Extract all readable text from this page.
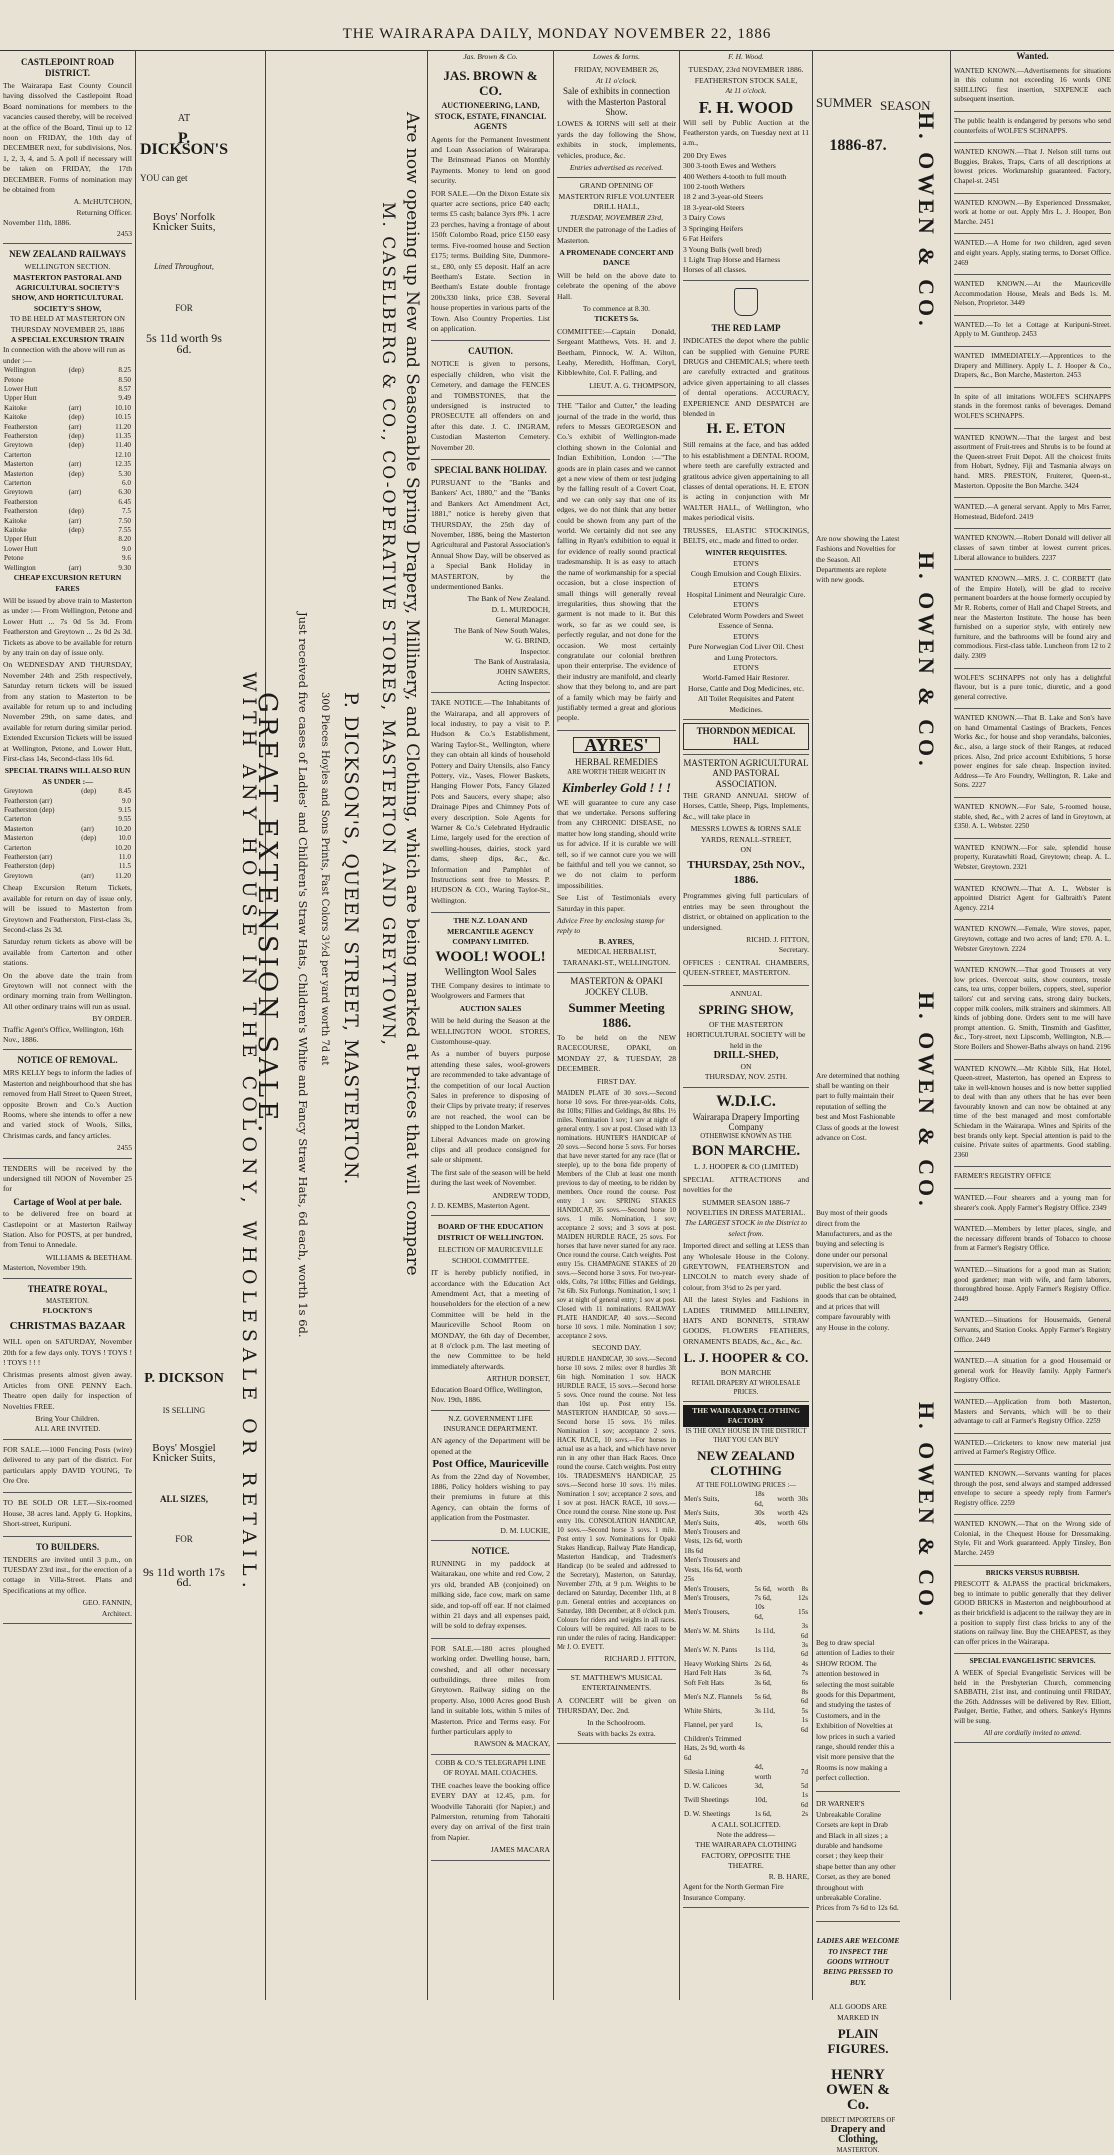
THE WAIRARAPA DAILY, MONDAY NOVEMBER 22, 1886
CASTLEPOINT ROAD DISTRICT.

The Wairarapa East County Council having dissolved the Castlepoint Road Board nominations for members to the vacancies caused thereby, will be received at the office of the Board, Tinui up to 12 noon on FRIDAY, the 10th day of DECEMBER next, for subdivisions, Nos. 1, 2, 3, 4, and 5. A poll if necessary will be taken on FRIDAY, the 17th DECEMBER. Forms of nomination may be obtained from

A. McHUTCHON,
Returning Officer.
November 11th, 1886.
2453
NEW ZEALAND RAILWAYS
WELLINGTON SECTION.
MASTERTON PASTORAL AND AGRICULTURAL SOCIETY'S SHOW, AND HORTICULTURAL SOCIETY'S SHOW,
TO BE HELD AT MASTERTON ON THURSDAY NOVEMBER 25, 1886
A SPECIAL EXCURSION TRAIN
In connection with the above will run as under :—
Wellington	(dep)	8.25
Petone		8.50
Lower Hutt		8.57
Upper Hutt		9.49
Kaitoke	(arr)	10.10
Kaitoke	(dep)	10.15
Featherston	(arr)	11.20
Featherston	(dep)	11.35
Greytown	(dep)	11.40
Carterton		12.10
Masterton	(arr)	12.35
Masterton	(dep)	5.30
Carterton		6.0
Greytown	(arr)	6.30
Featherston		6.45
Featherston	(dep)	7.5
Kaitoke	(arr)	7.50
Kaitoke	(dep)	7.55
Upper Hutt		8.20
Lower Hutt		9.0
Petone		9.6
Wellington	(arr)	9.30
CHEAP EXCURSION RETURN FARES

Will be issued by above train to Masterton as under :— From Wellington, Petone and Lower Hutt ... 7s 0d 5s 3d. From Featherston and Greytown ... 2s 0d 2s 3d. Tickets as above to be available for return by any train on day of issue only.

On WEDNESDAY AND THURSDAY, November 24th and 25th respectively, Saturday return tickets will be issued from any station to Masterton to be available for return up to and including November 29th, on same dates, and available for return during similar period. Extended Excursion Tickets will be issued at Wellington, Petone, and Lower Hutt, First-class 14s, Second-class 10s 6d.

SPECIAL TRAINS WILL ALSO RUN AS UNDER :—
Greytown	(dep)	8.45
Featherston (arr)		9.0
Featherston (dep)		9.15
Carterton		9.55
Masterton	(arr)	10.20
Masterton	(dep)	10.0
Carterton		10.20
Featherston (arr)		11.0
Featherston (dep)		11.5
Greytown	(arr)	11.20

Cheap Excursion Return Tickets, available for return on day of issue only, will be issued to Masterton from Greytown and Featherston, First-class 3s, Second-class 2s 3d.

Saturday return tickets as above will be available from Carterton and other stations.

On the above date the train from Greytown will not connect with the ordinary morning train from Wellington. All other ordinary trains will run as usual.

BY ORDER.
Traffic Agent's Office, Wellington, 16th Nov., 1886.
NOTICE OF REMOVAL.

MRS KELLY begs to inform the ladies of Masterton and neighbourhood that she has removed from Hall Street to Queen Street, opposite Brown and Co.'s Auction Rooms, where she intends to offer a new and varied stock of Wools, Silks, Christmas cards, and fancy articles.

2455

TENDERS will be received by the undersigned till NOON of November 25 for

Cartage of Wool at per bale.

to be delivered free on board at Castlepoint or at Masterton Railway Station. Also for POSTS, at per hundred, from Tenui to Annedale.

WILLIAMS & BEETHAM.
Masterton, November 19th.
THEATRE ROYAL,
MASTERTON.
FLOCKTON'S
CHRISTMAS BAZAAR

WILL open on SATURDAY, November 20th for a few days only. TOYS ! TOYS ! ! TOYS ! ! !

Christmas presents almost given away. Articles from ONE PENNY Each. Theatre open daily for inspection of Novelties FREE.

Bring Your Children.
ALL ARE INVITED.

FOR SALE.—1000 Fencing Posts (wire) delivered to any part of the district. For particulars apply DAVID YOUNG, Te Ore Ore.

TO BE SOLD OR LET.—Six-roomed House, 38 acres land. Apply G. Hopkins, Short-street, Kuripuni.

TO BUILDERS.

TENDERS are invited until 3 p.m., on TUESDAY 23rd inst., for the erection of a cottage in Villa-Street. Plans and Specifications at my office.

GEO. FANNIN,
Architect.
AT
P. DICKSON'S
YOU can get
Boys' Norfolk Knicker Suits,
Lined Throughout,
FOR
5s 11d worth 9s 6d.
P. DICKSON
IS SELLING
Boys' Mosgiel Knicker Suits,
ALL SIZES,
FOR
9s 11d worth 17s 6d.
GREAT EXTENSION SALE. Just received five cases of Ladies' and Children's Straw Hats, Children's White and Fancy Straw Hats, 6d each, worth 1s 6d. 300 Pieces Hoyles and Sons Prints, Fast Colors 3½d per yard worth 7d at P. DICKSON'S, QUEEN STREET, MASTERTON. M. CASELBERG & CO., CO-OPERATIVE STORES, MASTERTON AND GREYTOWN, Are now opening up New and Seasonable Spring Drapery, Millinery, and Clothing, which are being marked at Prices that will compare
WITH ANY HOUSE IN THE COLONY, WHOLESALE OR RETAIL.
Jas. Brown & Co.
JAS. BROWN & CO.
AUCTIONEERING, LAND, STOCK, ESTATE, FINANCIAL AGENTS

Agents for the Permanent Investment and Loan Association of Wairarapa. The Brinsmead Pianos on Monthly Payments. Money to lend on good security.

FOR SALE.—On the Dixon Estate six quarter acre sections, price £40 each; terms £5 cash; balance 3yrs 8%. 1 acre 23 perches, having a frontage of about 150ft Colombo Road, price £150 easy terms. Five-roomed house and Section £175; terms. Building Site, Dunmore-st., £80, only £5 deposit. Half an acre Beetham's Estate. Section in Beetham's Estate double frontage 200x330 links, price £38. Several house properties in various parts of the Town. Also Country Properties. List on application.

CAUTION.

NOTICE is given to persons, especially children, who visit the Cemetery, and damage the FENCES and TOMBSTONES, that the undersigned is instructed to PROSECUTE all offenders on and after this date. J. C. INGRAM, Custodian Masterton Cemetery. November 20.

SPECIAL BANK HOLIDAY.

PURSUANT to the "Banks and Bankers' Act, 1880," and the "Banks and Bankers Act Amendment Act, 1881," notice is hereby given that THURSDAY, the 25th day of November, 1886, being the Masterton Agricultural and Pastoral Association's Annual Show Day, will be observed as a Special Bank Holiday in MASTERTON, by the undermentioned Banks.

The Bank of New Zealand.
D. L. MURDOCH,
General Manager.
The Bank of New South Wales,
W. G. BRIND,
Inspector.
The Bank of Australasia,
JOHN SAWERS,
Acting Inspector.

TAKE NOTICE.—The Inhabitants of the Wairarapa, and all approvers of local industry, to pay a visit to P. Hudson & Co.'s Establishment, Waring Taylor-St., Wellington, where they can obtain all kinds of household Pottery and Dairy Utensils, also Fancy Pottery, viz., Vases, Flower Baskets, Hanging Flower Pots, Fancy Glazed Pots and Saucers, every shape; also Drainage Pipes and Chimney Pots of every description. Sole Agents for Warner & Co.'s Celebrated Hydraulic Lime, largely used for the erection of swelling-houses, dairies, stock yard dams, sheep dips, &c., &c. Information and Pamphlet of Instructions sent free to Messrs. P. HUDSON & CO., Waring Taylor-St., Wellington.

THE N.Z. LOAN AND MERCANTILE AGENCY COMPANY LIMITED.
WOOL! WOOL!
Wellington Wool Sales

THE Company desires to intimate to Woolgrowers and Farmers that

AUCTION SALES

Will be held during the Season at the WELLINGTON WOOL STORES, Customhouse-quay.

As a number of buyers purpose attending these sales, wool-growers are recommended to take advantage of the competition of our local Auction Sales in preference to disposing of their Clips by private treaty; if reserves are not reached, the wool can be shipped to the London Market.

Liberal Advances made on growing clips and all produce consigned for sale or shipment.

The first sale of the season will be held during the last week of November.

ANDREW TODD,
J. D. KEMBS, Masterton Agent.
BOARD OF THE EDUCATION DISTRICT OF WELLINGTON.
ELECTION OF MAURICEVILLE SCHOOL COMMITTEE.

IT is hereby publicly notified, in accordance with the Education Act Amendment Act, that a meeting of householders for the election of a new Committee will be held in the Mauriceville School Room on MONDAY, the 6th day of December, at 8 o'clock p.m. The last meeting of the new Committee to be held immediately afterwards.

ARTHUR DORSET,
Education Board Office, Wellington, Nov. 19th, 1886.
N.Z. GOVERNMENT LIFE INSURANCE DEPARTMENT.

AN agency of the Department will be opened at the

Post Office, Mauriceville

As from the 22nd day of November, 1886, Policy holders wishing to pay their premiums in future at this Agency, can obtain the forms of application from the Postmaster.

D. M. LUCKIE,
NOTICE.

RUNNING in my paddock at Waitarakau, one white and red Cow, 2 yrs old, branded AB (conjoined) on milking side, face cow, mark on same side, and top-off off ear. If not claimed within 21 days and all expenses paid, will be sold to defray expenses.

FOR SALE.—180 acres ploughed working order. Dwelling house, barn, cowshed, and all other necessary outbuildings, three miles from Greytown. Railway siding on the property. Also, 1000 Acres good Bush land in suitable lots, within 5 miles of Masterton. Price and Terms easy. For further particulars apply to

RAWSON & MACKAY,
COBB & CO.'S TELEGRAPH LINE OF ROYAL MAIL COACHES.

THE coaches leave the booking office EVERY DAY at 12.45, p.m. for Woodville Tahoraiti (for Napier,) and Palmerston, returning from Tahoraiti every day on arrival of the first train from Napier.

JAMES MACARA
Lowes & Iorns.
FRIDAY, NOVEMBER 26,
At 11 o'clock.
Sale of exhibits in connection with the Masterton Pastoral Show.

LOWES & IORNS will sell at their yards the day following the Show, exhibits in stock, implements, vehicles, produce, &c.

Entries advertised as received.
GRAND OPENING OF MASTERTON RIFLE VOLUNTEER DRILL HALL,
TUESDAY, NOVEMBER 23rd,

UNDER the patronage of the Ladies of Masterton.

A PROMENADE CONCERT AND DANCE

Will be held on the above date to celebrate the opening of the above Hall.

To commence at 8.30.
TICKETS 5s.

COMMITTEE:—Captain Donald, Sergeant Matthews, Vets. H. and J. Beetham, Pinnock, W. A. Wilton, Leahy, Meredith, Hoffman, Coryl, Kibblewhite, Col. F. Palling, and

LIEUT. A. G. THOMPSON,

THE "Tailor and Cutter," the leading journal of the trade in the world, thus refers to Messrs GEORGESON and Co.'s exhibit of Wellington-made clothing shown in the Colonial and Indian Exhibition, London :—"The goods are in plain cases and we cannot get a new view of them or test judging by the falling result of a Covert Coat, and we can only say that one of its edges, we do not think that any better could be shown from any part of the world. We certainly did not see any falling in Ryan's exhibition to equal it for evidence of really sound practical tradesmanship. It is as easy to attach the name of workmanship for a special occasion, but a close inspection of small things will generally reveal irregularities, thus showing that the garment is not made to it. But this work, so far as we could see, is perfectly regular, and not done for the occasion. We most certainly congratulate our colonial brethren upon their enterprise. The evidence of their industry are manifold, and clearly show that they belong to, and are part of a family which may be fairly and justifiably termed a great and glorious people.

AYRES'
HERBAL REMEDIES
ARE WORTH THEIR WEIGHT IN
Kimberley Gold ! ! !

WE will guarantee to cure any case that we undertake. Persons suffering from any CHRONIC DISEASE, no matter how long standing, should write us for advice. If it is curable we will tell, so if we cannot cure you we will be faithful and tell you we cannot, so we do not claim to perform impossibilities.

See List of Testimonials every Saturday in this paper.

Advice Free by enclosing stamp for reply to
B. AYRES,
MEDICAL HERBALIST,
TARANAKI-ST., WELLINGTON.
MASTERTON & OPAKI JOCKEY CLUB.
Summer Meeting 1886.

To be held on the NEW RACECOURSE, OPAKI, on MONDAY 27, & TUESDAY, 28 DECEMBER.

FIRST DAY.

MAIDEN PLATE of 30 sovs.—Second horse 10 sovs. For three-year-olds. Colts, 8st 10lbs; Fillies and Geldings, 8st 8lbs. 1½ miles. Nomination 1 sov; 1 sov at night of general entry. 1 sov at post. Closed with 13 nominations. HUNTER'S HANDICAP of 20 sovs.—Second horse 5 sovs. For horses that have never started for any race (flat or steeple), up to the bona fide property of Members of the Club at least one month previous to day of meeting, to be ridden by members. Once round the course. Post entry 1 sov. SPRING STAKES HANDICAP, 35 sovs.—Second horse 10 sovs. 1 mile. Nomination, 1 sov; acceptance 2 sovs; and 3 sovs at post. MAIDEN HURDLE RACE, 25 sovs. For horses that have never started for any race. Once round the course. Catch weights. Post entry 15s. CHAMPAGNE STAKES of 20 sovs.—Second horse 3 sovs. For two-year-olds, Colts, 7st 10lbs; Fillies and Geldings, 7st 6lb. Six Furlongs. Nomination, 1 sov; 1 sov at night of general entry; 1 sov at post. Closed with 11 nominations. RAILWAY PLATE HANDICAP, 40 sovs.—Second horse 10 sovs. 1 mile. Nomination 1 sov; acceptance 2 sovs.

SECOND DAY.

HURDLE HANDICAP, 30 sovs.—Second horse 10 sovs. 2 miles: over 8 hurdles 3ft 6in high. Nomination 1 sov. HACK HURDLE RACE, 15 sovs.—Second horse 5 sovs. Once round the course. Not less than 10st up. Post entry 15s. MASTERTON HANDICAP, 50 sovs.—Second horse 15 sovs. 1½ miles. Nomination 1 sov; acceptance 2 sovs. HACK RACE, 10 sovs.—For horses in actual use as a hack, and which have never run in any other than Hack Races. Once round the course. Catch weights. Post entry 10s. TRADESMEN'S HANDICAP, 25 sovs.—Second horse 10 sovs. 1½ miles. Nomination 1 sov; acceptance 2 sovs, and 1 sov at post. HACK RACE, 10 sovs.—Once round the course. Nine stone up. Post entry 10s. CONSOLATION HANDICAP, 10 sovs.—Second horse 3 sovs. 1 mile. Post entry 1 sov. Nominations for Opaki Stakes Handicap, Railway Plate Handicap, Masterton Handicap, and Tradesmen's Handicap (to be sealed and addressed to the Secretary), Masterton, on Saturday, November 27th, at 9 p.m. Weights to be declared on Saturday, December 11th, at 8 p.m. General entries and acceptances on Saturday, 18th December, at 8 o'clock p.m. Colours for riders and weights in all races. Colours will be required. All races to be run under the rules of racing. Handicapper: Mr J. O. EVETT.

RICHARD J. FITTON,
ST. MATTHEW'S MUSICAL ENTERTAINMENTS.

A CONCERT will be given on THURSDAY, Dec. 2nd.

In the Schoolroom.
Seats with backs 2s extra.
F. H. Wood.
TUESDAY, 23rd NOVEMBER 1886.
FEATHERSTON STOCK SALE,
At 11 o'clock.
F. H. WOOD

Will sell by Public Auction at the Featherston yards, on Tuesday next at 11 a.m.,

200 Dry Ewes
300 3-tooth Ewes and Wethers
400 Wethers 4-tooth to full mouth
100 2-tooth Wethers
18 2 and 3-year-old Steers
18 3-year-old Steers
3 Dairy Cows
3 Springing Heifers
6 Fat Heifers
3 Young Bulls (well bred)
1 Light Trap Horse and Harness
Horses of all classes.
THE RED LAMP

INDICATES the depot where the public can be supplied with Genuine PURE DRUGS and CHEMICALS; where teeth are carefully extracted and gratitous advice given appertaining to all classes of dental operations. ACCURACY, EXPERIENCE AND DESPATCH are blended in

H. E. ETON

Still remains at the face, and has added to his establishment a DENTAL ROOM, where teeth are carefully extracted and gratitous advice given appertaining to all classes of dental operations. H. E. ETON is acting in conjunction with Mr WALTER HALL, of Wellington, who makes periodical visits.

TRUSSES, ELASTIC STOCKINGS, BELTS, etc., made and fitted to order.

WINTER REQUISITES.
ETON'S
Cough Emulsion and Cough Elixirs.
ETON'S
Hospital Liniment and Neuralgic Cure.
ETON'S
Celebrated Worm Powders and Sweet Essence of Senna.
ETON'S
Pure Norwegian Cod Liver Oil. Chest and Lung Protectors.
ETON'S
World-Famed Hair Restorer.
Horse, Cattle and Dog Medicines, etc.
All Toilet Requisites and Patent Medicines.
THORNDON MEDICAL HALL
MASTERTON AGRICULTURAL AND PASTORAL ASSOCIATION.

THE GRAND ANNUAL SHOW of Horses, Cattle, Sheep, Pigs, Implements, &c., will take place in

MESSRS LOWES & IORNS SALE YARDS, RENALL-STREET,
ON
THURSDAY, 25th NOV., 1886.

Programmes giving full particulars of entries may be seen throughout the district, or obtained on application to the undersigned.

RICHD. J. FITTON,
Secretary.

OFFICES : CENTRAL CHAMBERS, QUEEN-STREET, MASTERTON.

ANNUAL
SPRING SHOW,
OF THE MASTERTON HORTICULTURAL SOCIETY will be held in the
DRILL-SHED,
ON
THURSDAY, NOV. 25TH.
W.D.I.C.
Wairarapa Drapery Importing Company
OTHERWISE KNOWN AS THE
BON MARCHE.
L. J. HOOPER & CO (LIMITED)

SPECIAL ATTRACTIONS and novelties for the

SUMMER SEASON 1886-7
NOVELTIES IN DRESS MATERIAL.
The LARGEST STOCK in the District to select from.

Imported direct and selling at LESS than any Wholesale House in the Colony. GREYTOWN, FEATHERSTON and LINCOLN to match every shade of colour, from 3½d to 2s per yard.

All the latest Styles and Fashions in LADIES TRIMMED MILLINERY, HATS AND BONNETS, STRAW GOODS, FLOWERS FEATHERS, ORNAMENTS BEADS, &c., &c., &c.

L. J. HOOPER & CO.
BON MARCHE
RETAIL DRAPERY AT WHOLESALE PRICES.
THE WAIRARAPA CLOTHING FACTORY
IS THE ONLY HOUSE IN THE DISTRICT THAT YOU CAN BUY
NEW ZEALAND CLOTHING
AT THE FOLLOWING PRICES :—
Men's Suits,	18s 6d,	worth	30s
Men's Suits,	30s	worth	42s
Men's Suits,	40s,	worth	60s
Men's Trousers and Vests, 12s 6d, worth 18s 6d			
Men's Trousers and Vests, 16s 6d, worth 25s			
Men's Trousers,	5s 6d,	worth	8s
Men's Trousers,	7s 6d,		12s
Men's Trousers,	10s 6d,		15s
Men's W. M. Shirts	1s 11d,		3s 6d
Men's W. N. Pants	1s 11d,		3s 6d
Heavy Working Shirts	2s 6d,		4s
Hard Felt Hats	3s 6d,		7s
Soft Felt Hats	3s 6d,		6s
Men's N.Z. Flannels	5s 6d,		8s 6d
White Shirts,	3s 11d,		5s
Flannel, per yard	1s,		1s 6d
Children's Trimmed Hats, 2s 9d, worth 4s 6d			
Silesia Lining	4d, worth		7d
D. W. Calicoes	3d,		5d
Twill Sheetings	10d,		1s 6d
D. W. Sheetings	1s 6d,		2s
A CALL SOLICITED.
Note the address—
THE WAIRARAPA CLOTHING FACTORY, OPPOSITE THE THEATRE.
R. B. HARE,
Agent for the North German Fire Insurance Company.
SUMMER
1886-87.

Are now showing the Latest Fashions and Novelties for the Season. All Departments are replete with new goods.

Are determined that nothing shall be wanting on their part to fully maintain their reputation of selling the best and Most Fashionable Class of goods at the lowest advance on Cost.

Buy most of their goods direct from the Manufacturers, and as the buying and selecting is done under our personal supervision, we are in a position to place before the public the best class of goods that can be obtained, and at prices that will compare favourably with any House in the colony.

Beg to draw special attention of Ladies to their SHOW ROOM. The attention bestowed in selecting the most suitable goods for this Department, and studying the tastes of Customers, and in the Exhibition of Novelties at low prices in such a varied range, should render this a visit more pensive that the Rooms is now making a perfect collection.

DR WARNER'S Unbreakable Coraline Corsets are kept in Drab and Black in all sizes ; a durable and handsome corset ; they keep their shape better than any other Corset, as they are boned throughout with unbreakable Coraline. Prices from 7s 6d to 12s 6d.

LADIES ARE WELCOME TO INSPECT THE GOODS WITHOUT BEING PRESSED TO BUY.
ALL GOODS ARE MARKED IN
PLAIN FIGURES.
HENRY OWEN & Co.
DIRECT IMPORTERS OF
Drapery and Clothing,
MASTERTON.
SEASON
H. OWEN & CO.
H. OWEN & CO.
H. OWEN & CO.
H. OWEN & CO.
Wanted.

WANTED KNOWN.—Advertisements for situations in this column not exceeding 16 words ONE SHILLING first insertion, SIXPENCE each subsequent insertion.

The public health is endangered by persons who send counterfeits of WOLFE'S SCHNAPPS.

WANTED KNOWN.—That J. Nelson still turns out Buggies, Brakes, Traps, Carts of all descriptions at lowest prices. Workmanship guaranteed. Factory, Chapel-st. 2451

WANTED KNOWN.—By Experienced Dressmaker, work at home or out. Apply Mrs L. J. Hooper, Bon Marche. 2451

WANTED.—A Home for two children, aged seven and eight years. Apply, stating terms, to Dorset Office. 2469

WANTED KNOWN.—At the Mauriceville Accommodation House, Meals and Beds 1s. M. Nelson, Proprietor. 3449

WANTED.—To let a Cottage at Kuripuni-Street. Apply to M. Gunthrop. 2453

WANTED IMMEDIATELY.—Apprentices to the Drapery and Millinery. Apply L. J. Hooper & Co., Drapers, &c., Bon Marche, Masterton. 2453

In spite of all imitations WOLFE'S SCHNAPPS stands in the foremost ranks of beverages. Demand WOLFE'S SCHNAPPS.

WANTED KNOWN.—That the largest and best assortment of Fruit-trees and Shrubs is to be found at the Queen-street Fruit Depot. All the choicest fruits from Hobart, Sydney, Fiji and Tasmania always on hand. MRS. PRESTON, Fruiterer, Queen-st., Masterton. Opposite the Bon Marche. 3424

WANTED.—A general servant. Apply to Mrs Farrer, Homestead, Bideford. 2419

WANTED KNOWN.—Robert Donald will deliver all classes of sawn timber at lowest current prices. Liberal allowance to builders. 2237

WANTED KNOWN.—MRS. J. C. CORBETT (late of the Empire Hotel), will be glad to receive permanent boarders at the house formerly occupied by Mr R. Roberts, corner of Hall and Chapel Streets, and near the Masterton Institute. The house has been furnished on a superior style, with entirely new furniture, and the bathrooms will be found airy and commodious. First-class table. Luncheon from 12 to 2 daily. 2309

WOLFE'S SCHNAPPS not only has a delightful flavour, but is a pure tonic, diuretic, and a good general corrective.

WANTED KNOWN.—That B. Lake and Son's have on hand Ornamental Castings of Brackets, Fences Works &c., for house and shop verandahs, balconies, &c., also, a large stock of their Ranges, at reduced prices. Also, 2nd price account Exhibitions, 5 horse power engines for sale cheap. Inspection invited. Address—Te Aro Foundry, Wellington, R. Lake and Sons. 2227

WANTED KNOWN.—For Sale, 5-roomed house, stable, shed, &c., with 2 acres of land in Greytown, at £350. A. L. Webster. 2250

WANTED KNOWN.—For sale, splendid house property, Kuratawhiti Road, Greytown; cheap. A. L. Webster, Greytown. 2321

WANTED KNOWN.—That A. L. Webster is appointed District Agent for Galbraith's Patent Agency. 2214

WANTED KNOWN.—Female, Wire stoves, paper, Greytown, cottage and two acres of land; £70. A. L. Webster Greytown. 2224

WANTED KNOWN.—That good Trousers at very low prices. Overcoat suits, show counters, tressle cans, tea urns, copper boilers, coppers, steel, superior tailors' cut and serving cans, strong dairy buckets, copper milk coolers, milk strainers and skimmers. All kinds of jobbing done. Orders sent to me will have prompt attention. G. Smith, Tinsmith and Gasfitter, &c., Tory-street, next Lipscomb, Wellington, N.B.—Store Boilers and Shower-Baths always on hand. 2196

WANTED KNOWN.—Mr Kibble Silk, Hat Hotel, Queen-street, Masterton, has opened an Express to take in well-known houses and is now better supplied to deal with than any others that he has ever been favourably known and can now be obtained at any time of the best managed and most comfortable Schiedam in the Wairarapa. Wines and Spirits of the best brands only kept. Special attention is paid to the cuisine. Private suites of apartments. Good stabling. 2360

FARMER'S REGISTRY OFFICE

WANTED.—Four shearers and a young man for shearer's cook. Apply Farmer's Registry Office. 2349

WANTED.—Members by letter places, single, and the necessary different brands of Tobacco to choose from at Farmer's Registry Office.

WANTED.—Situations for a good man as Station; good gardener; man with wife, and farm laborers, thoroughbred house. Apply Farmer's Registry Office. 2449

WANTED.—Situations for Housemaids, General Servants, and Station Cooks. Apply Farmer's Registry Office. 2449

WANTED.—A situation for a good Housemaid or general work for Heavily family. Apply Farmer's Registry Office.

WANTED.—Application from both Masterton, Masters and Servants, which will be to their advantage to call at Farmer's Registry Office. 2259

WANTED.—Cricketers to know new material just arrived at Farmer's Registry Office.

WANTED KNOWN.—Servants wanting for places through the post, send always and stamped addressed envelope to secure a speedy reply from Farmer's Registry office. 2259

WANTED KNOWN.—That on the Wrong side of Colonial, in the Chequest House for Dressmaking. Style, Fit and Work guaranteed. Apply Tinsley, Bon Marche. 2459

BRICKS VERSUS RUBBISH.

PRESCOTT & ALPASS the practical brickmakers, beg to intimate to public generally that they deliver GOOD BRICKS in Masterton and neighbourhood at as their brickfield is adjacent to the railway they are in a position to supply first class bricks to any of the stations on railway line. Buy the CHEAPEST, as they can offer prices in the Wairarapa.

SPECIAL EVANGELISTIC SERVICES.

A WEEK of Special Evangelistic Services will be held in the Presbyterian Church, commencing SABBATH, 21st inst, and continuing until FRIDAY, the 26th. Addresses will be delivered by Rev. Elliott, Paulger, Bertie, Father, and others. Sankey's Hymns will be sung.

All are cordially invited to attend.
